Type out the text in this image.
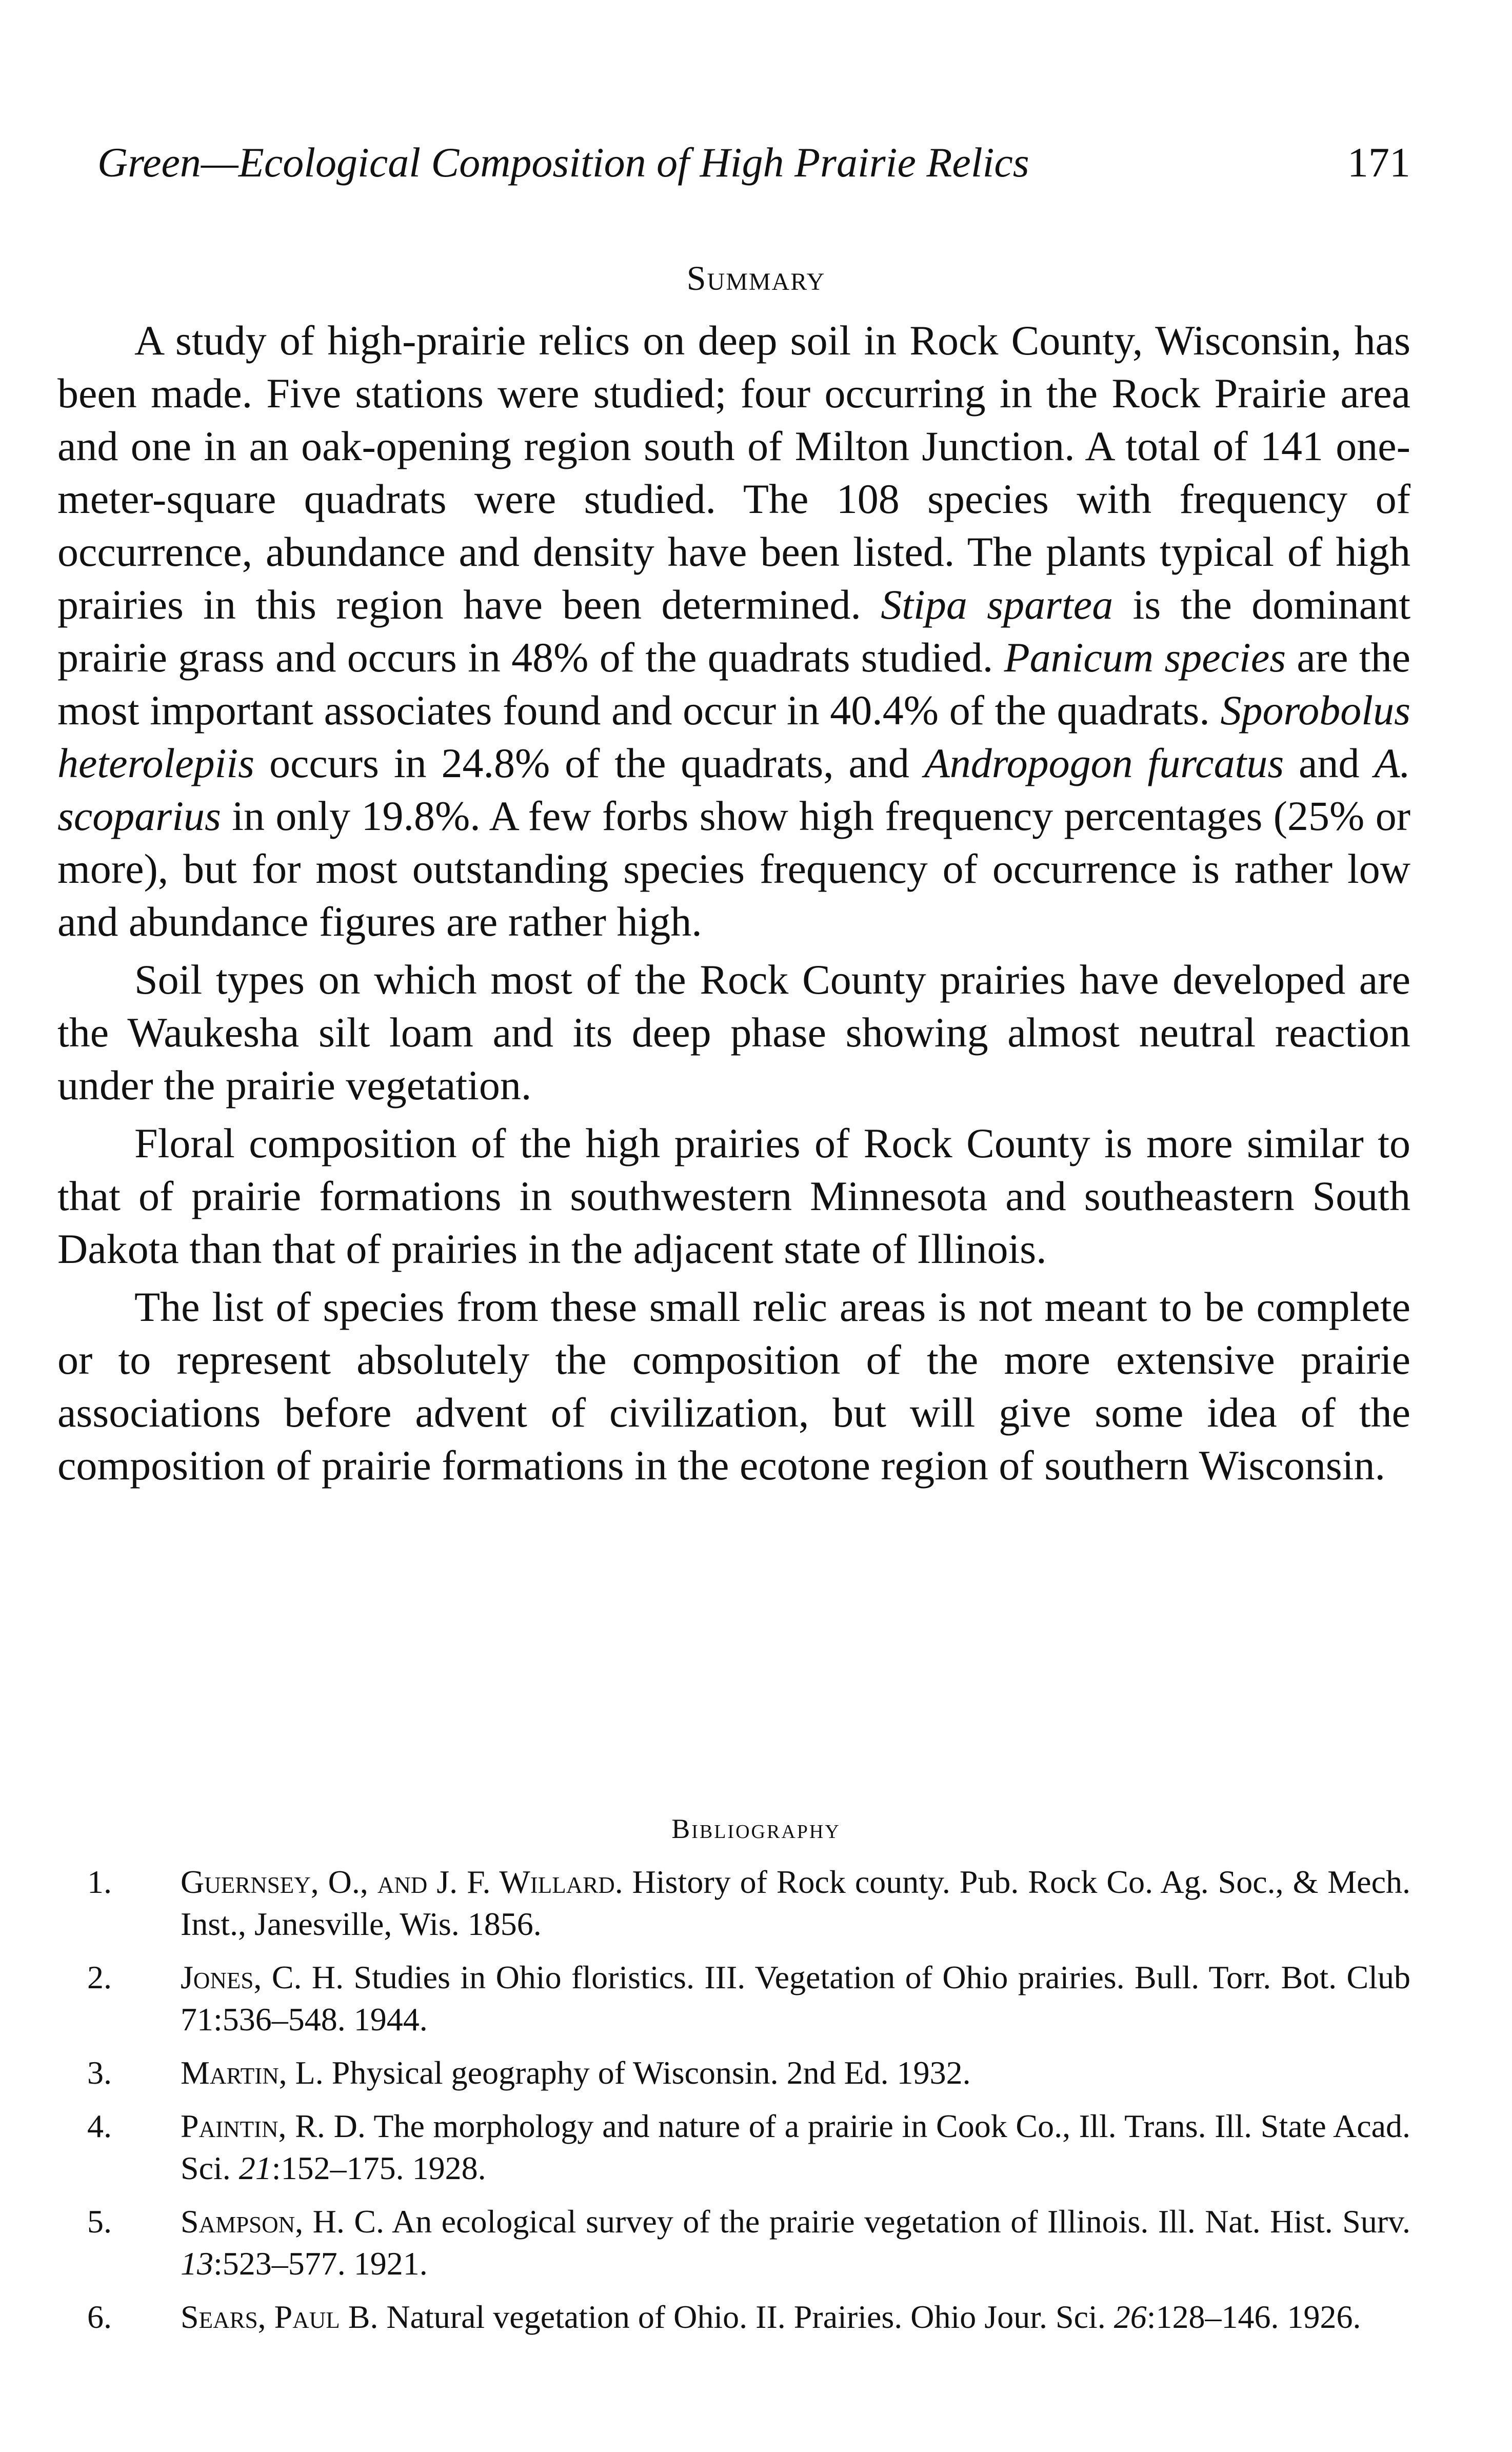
Green—Ecological Composition of High Prairie Relics	171
Summary

A study of high-prairie relics on deep soil in Rock County, Wisconsin, has been made. Five stations were studied; four occurring in the Rock Prairie area and one in an oak-opening region south of Milton Junction. A total of 141 one-meter-square quadrats were studied. The 108 species with frequency of occurrence, abundance and density have been listed. The plants typical of high prairies in this region have been determined. Stipa spartea is the dominant prairie grass and occurs in 48% of the quadrats studied. Panicum species are the most important associates found and occur in 40.4% of the quadrats. Sporobolus heterolepiis occurs in 24.8% of the quadrats, and Andropogon furcatus and A. scoparius in only 19.8%. A few forbs show high frequency percentages (25% or more), but for most outstanding species frequency of occurrence is rather low and abundance figures are rather high.

Soil types on which most of the Rock County prairies have developed are the Waukesha silt loam and its deep phase showing almost neutral reaction under the prairie vegetation.

Floral composition of the high prairies of Rock County is more similar to that of prairie formations in southwestern Minnesota and southeastern South Dakota than that of prairies in the adjacent state of Illinois.

The list of species from these small relic areas is not meant to be complete or to represent absolutely the composition of the more extensive prairie associations before advent of civilization, but will give some idea of the composition of prairie formations in the ecotone region of southern Wisconsin.

Bibliography
1. Guernsey, O., and J. F. Willard. History of Rock county. Pub. Rock Co. Ag. Soc., & Mech. Inst., Janesville, Wis. 1856.
2. Jones, C. H. Studies in Ohio floristics. III. Vegetation of Ohio prairies. Bull. Torr. Bot. Club 71:536–548. 1944.
3. Martin, L. Physical geography of Wisconsin. 2nd Ed. 1932.
4. Paintin, R. D. The morphology and nature of a prairie in Cook Co., Ill. Trans. Ill. State Acad. Sci. 21:152–175. 1928.
5. Sampson, H. C. An ecological survey of the prairie vegetation of Illinois. Ill. Nat. Hist. Surv. 13:523–577. 1921.
6. Sears, Paul B. Natural vegetation of Ohio. II. Prairies. Ohio Jour. Sci. 26:128–146. 1926.
